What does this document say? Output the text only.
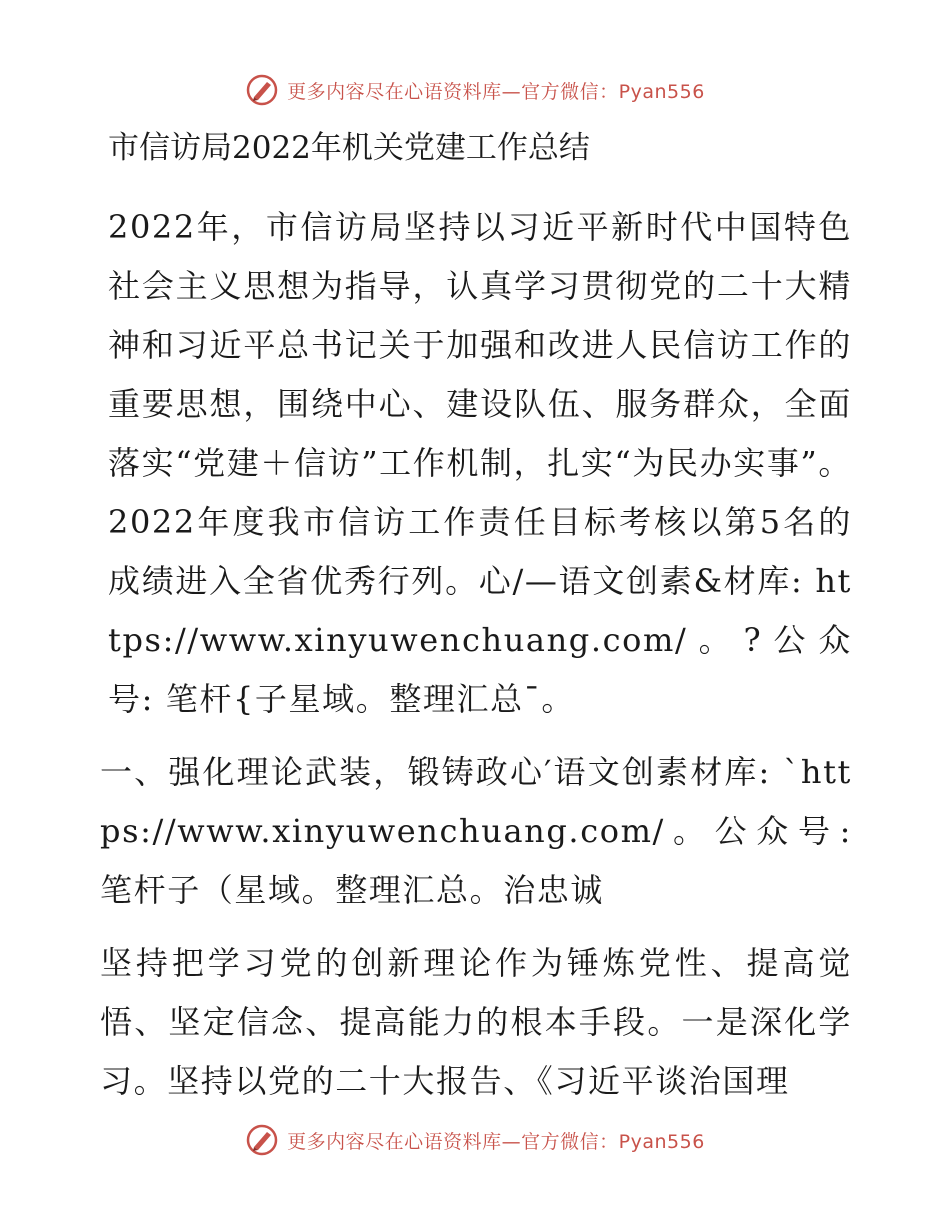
更多内容尽在心语资料库—官方微信：Pyan556
市信访局2022年机关党建工作总结

2022年，市信访局坚持以习近平新时代中国特色社会主义思想为指导，认真学习贯彻党的二十大精神和习近平总书记关于加强和改进人民信访工作的重要思想，围绕中心、建设队伍、服务群众，全面落实“党建＋信访”工作机制，扎实“为民办实事”。2022年度我市信访工作责任目标考核以第5名的成绩进入全省优秀行列。心/—语文创素&材库: https://www.xinyuwenchuang.com/。?公众号: 笔杆{子星域。整理汇总¯。

一、强化理论武装，锻铸政心′语文创素材库: `https://www.xinyuwenchuang.com/。公众号: 笔杆子（星域。整理汇总。治忠诚

坚持把学习党的创新理论作为锤炼党性、提高觉悟、坚定信念、提高能力的根本手段。一是深化学习。坚持以党的二十大报告、《习近平谈治国理

更多内容尽在心语资料库—官方微信：Pyan556
